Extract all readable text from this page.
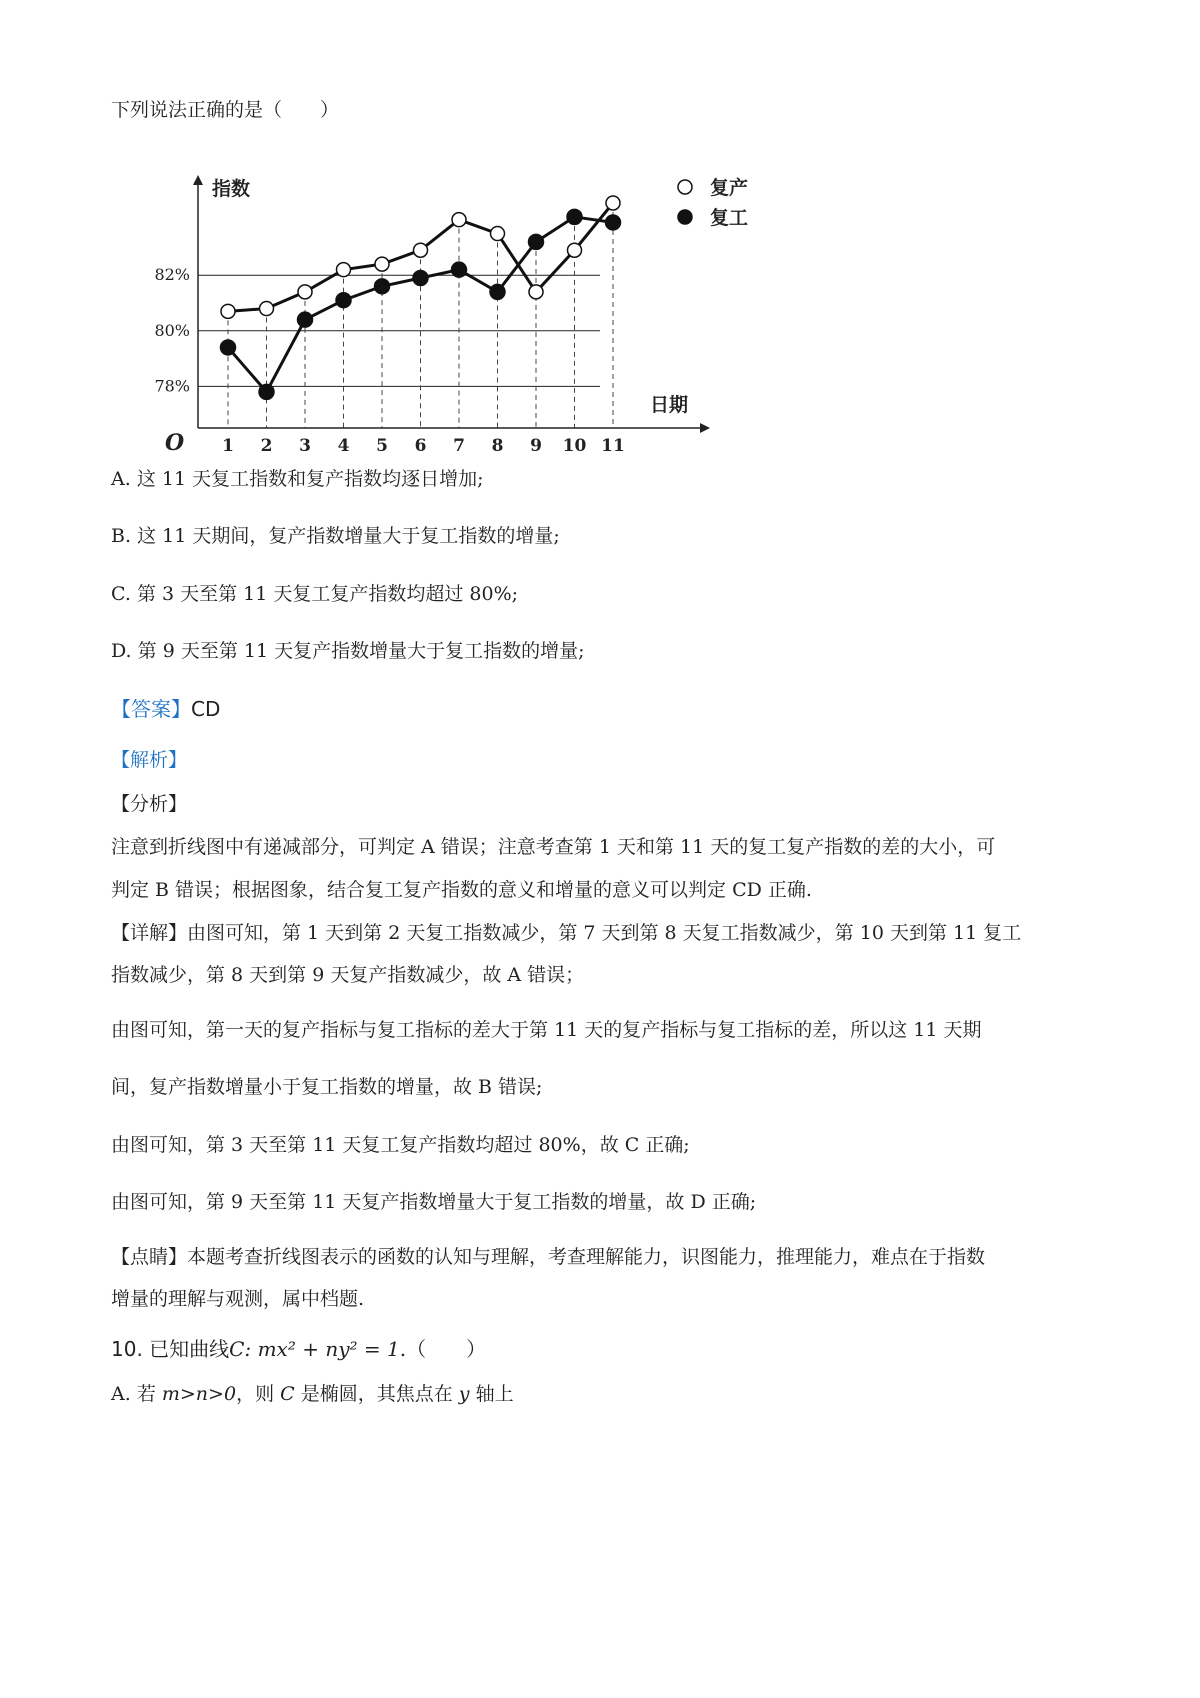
下列说法正确的是（　　）
78%
80%
82%
指数
日期
O 1 2 3 4 5 6 7 8 9 10 11
复产
复工
A. 这 11 天复工指数和复产指数均逐日增加;
B. 这 11 天期间，复产指数增量大于复工指数的增量;
C. 第 3 天至第 11 天复工复产指数均超过 80%;
D. 第 9 天至第 11 天复产指数增量大于复工指数的增量;
【答案】CD
【解析】
【分析】
注意到折线图中有递减部分，可判定 A 错误；注意考查第 1 天和第 11 天的复工复产指数的差的大小，可
判定 B 错误；根据图象，结合复工复产指数的意义和增量的意义可以判定 CD 正确.
【详解】由图可知，第 1 天到第 2 天复工指数减少，第 7 天到第 8 天复工指数减少，第 10 天到第 11 复工
指数减少，第 8 天到第 9 天复产指数减少，故 A 错误；
由图可知，第一天的复产指标与复工指标的差大于第 11 天的复产指标与复工指标的差，所以这 11 天期
间，复产指数增量小于复工指数的增量，故 B 错误;
由图可知，第 3 天至第 11 天复工复产指数均超过 80%，故 C 正确;
由图可知，第 9 天至第 11 天复产指数增量大于复工指数的增量，故 D 正确;
【点睛】本题考查折线图表示的函数的认知与理解，考查理解能力，识图能力，推理能力，难点在于指数
增量的理解与观测，属中档题.
10. 已知曲线C: mx² + ny² = 1.（　　）
A. 若 m>n>0，则 C 是椭圆，其焦点在 y 轴上
